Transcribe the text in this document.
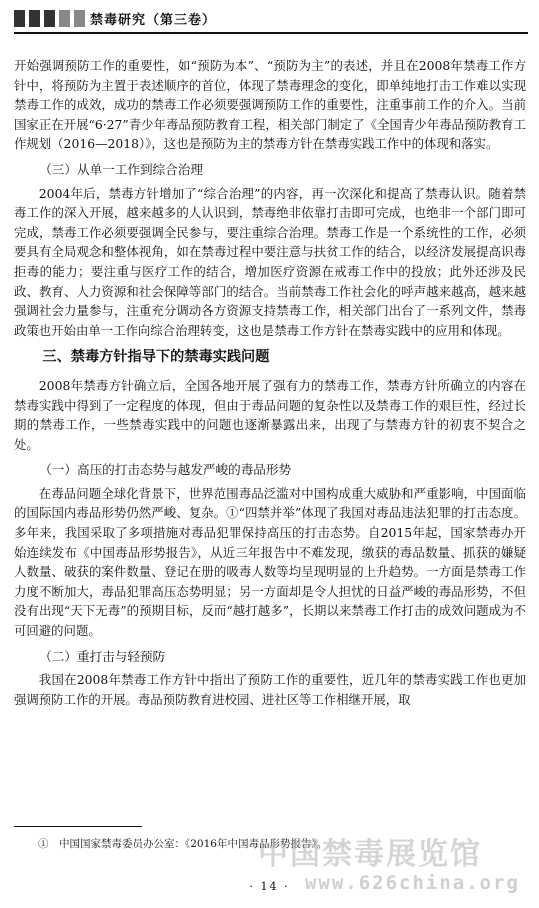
禁毒研究（第三卷）

开始强调预防工作的重要性，如“预防为本”、“预防为主”的表述，并且在2008年禁毒工作方针中，将预防为主置于表述顺序的首位，体现了禁毒理念的变化，即单纯地打击工作难以实现禁毒工作的成效，成功的禁毒工作必须要强调预防工作的重要性，注重事前工作的介入。当前国家正在开展“6·27”青少年毒品预防教育工程，相关部门制定了《全国青少年毒品预防教育工作规划（2016—2018）》，这也是预防为主的禁毒方针在禁毒实践工作中的体现和落实。

（三）从单一工作到综合治理

2004年后，禁毒方针增加了“综合治理”的内容，再一次深化和提高了禁毒认识。随着禁毒工作的深入开展，越来越多的人认识到，禁毒绝非依靠打击即可完成，也绝非一个部门即可完成，禁毒工作必须要强调全民参与，要注重综合治理。禁毒工作是一个系统性的工作，必须要具有全局观念和整体视角，如在禁毒过程中要注意与扶贫工作的结合，以经济发展提高识毒拒毒的能力；要注重与医疗工作的结合，增加医疗资源在戒毒工作中的投放；此外还涉及民政、教育、人力资源和社会保障等部门的结合。当前禁毒工作社会化的呼声越来越高，越来越强调社会力量参与，注重充分调动各方资源支持禁毒工作，相关部门出台了一系列文件，禁毒政策也开始由单一工作向综合治理转变，这也是禁毒工作方针在禁毒实践中的应用和体现。

三、禁毒方针指导下的禁毒实践问题

2008年禁毒方针确立后，全国各地开展了强有力的禁毒工作，禁毒方针所确立的内容在禁毒实践中得到了一定程度的体现，但由于毒品问题的复杂性以及禁毒工作的艰巨性，经过长期的禁毒工作，一些禁毒实践中的问题也逐渐暴露出来，出现了与禁毒方针的初衷不契合之处。

（一）高压的打击态势与越发严峻的毒品形势

在毒品问题全球化背景下，世界范围毒品泛滥对中国构成重大威胁和严重影响，中国面临的国际国内毒品形势仍然严峻、复杂。①“四禁并举”体现了我国对毒品违法犯罪的打击态度。多年来，我国采取了多项措施对毒品犯罪保持高压的打击态势。自2015年起，国家禁毒办开始连续发布《中国毒品形势报告》，从近三年报告中不难发现，缴获的毒品数量、抓获的嫌疑人数量、破获的案件数量、登记在册的吸毒人数等均呈现明显的上升趋势。一方面是禁毒工作力度不断加大，毒品犯罪高压态势明显；另一方面却是令人担忧的日益严峻的毒品形势，不但没有出现“天下无毒”的预期目标，反而“越打越多”，长期以来禁毒工作打击的成效问题成为不可回避的问题。

（二）重打击与轻预防

我国在2008年禁毒工作方针中指出了预防工作的重要性，近几年的禁毒实践工作也更加强调预防工作的开展。毒品预防教育进校园、进社区等工作相继开展，取

①　中国国家禁毒委员办公室：《2016年中国毒品形势报告》。
· 14 ·
中国禁毒展览馆
www.626china.org
